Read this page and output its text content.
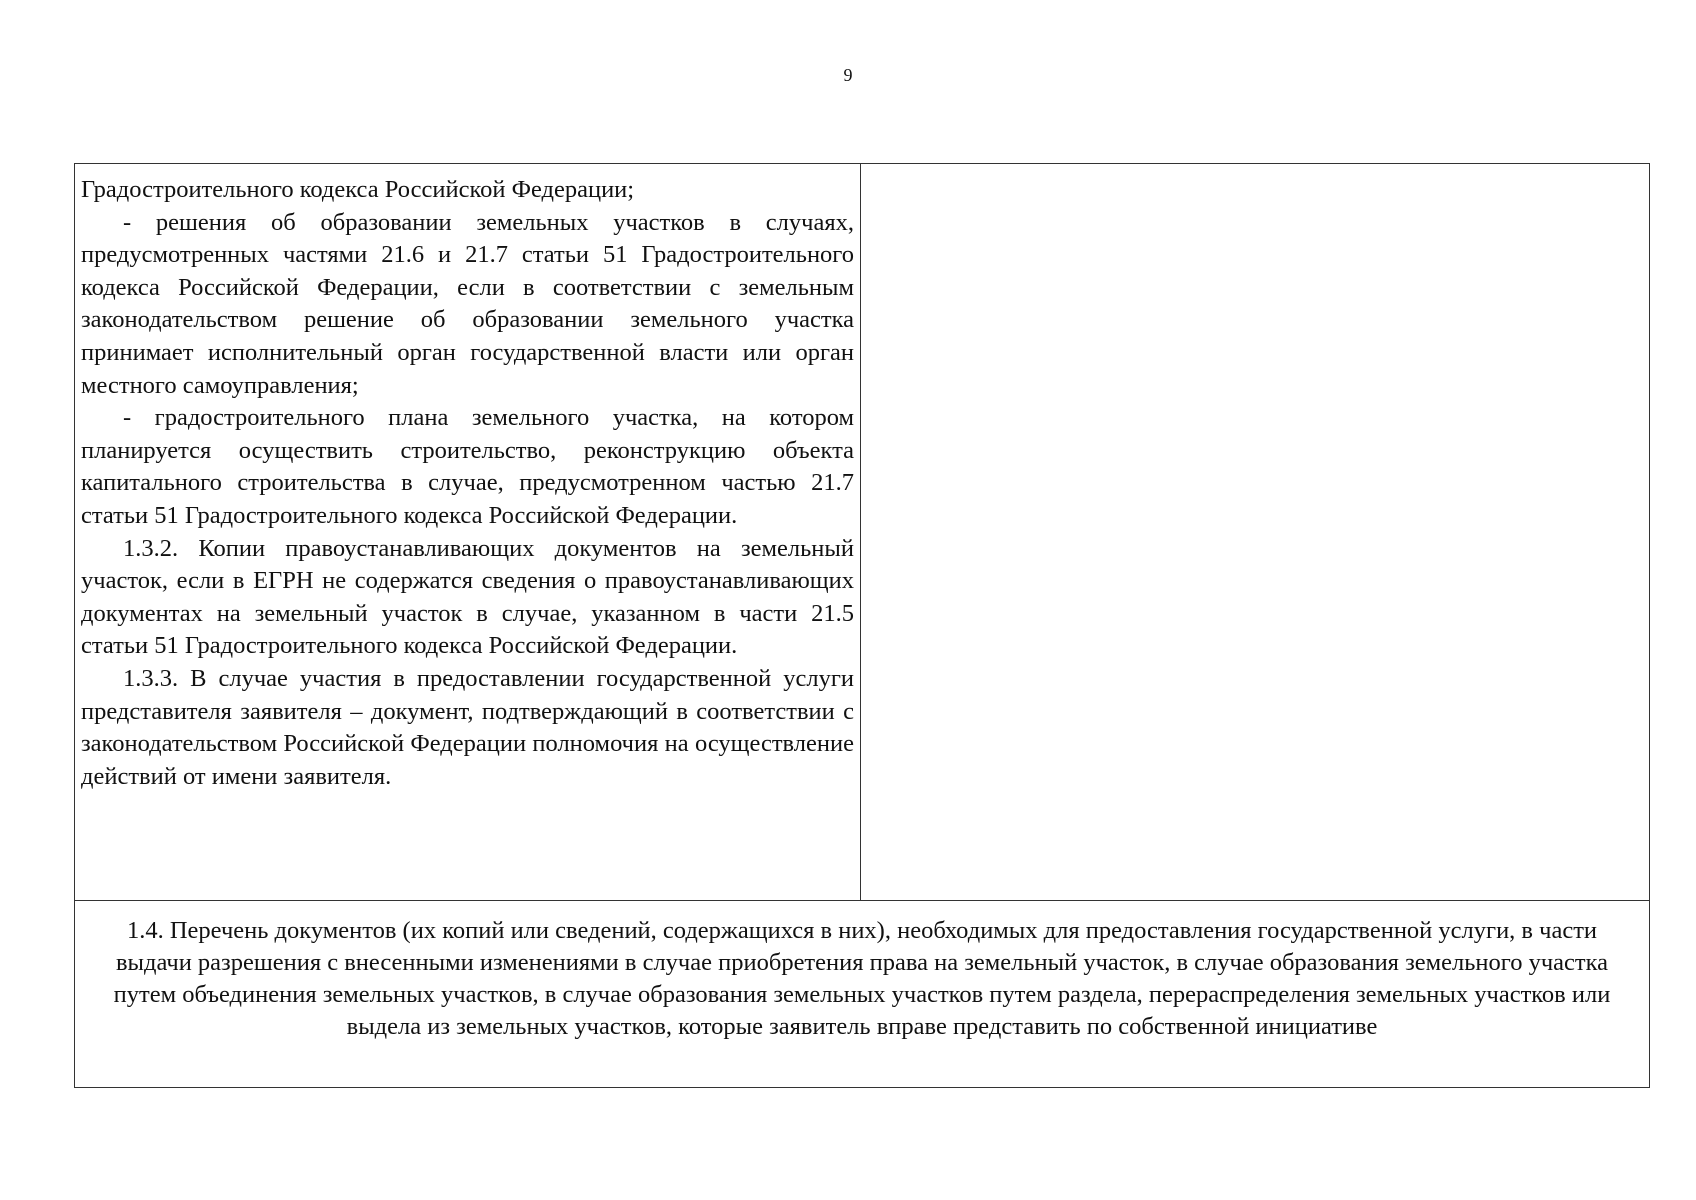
9

Градостроительного кодекса Российской Федерации;

- решения об образовании земельных участков в случаях, предусмотренных частями 21.6 и 21.7 статьи 51 Градостроительного кодекса Российской Федерации, если в соответствии с земельным законодательством решение об образовании земельного участка принимает исполнительный орган государственной власти или орган местного самоуправления;

- градостроительного плана земельного участка, на котором планируется осуществить строительство, реконструкцию объекта капитального строительства в случае, предусмотренном частью 21.7 статьи 51 Градостроительного кодекса Российской Федерации.

1.3.2. Копии правоустанавливающих документов на земельный участок, если в ЕГРН не содержатся сведения о правоустанавливающих документах на земельный участок в случае, указанном в части 21.5 статьи 51 Градостроительного кодекса Российской Федерации.

1.3.3. В случае участия в предоставлении государственной услуги представителя заявителя – документ, подтверждающий в соответствии с законодательством Российской Федерации полномочия на осуществление действий от имени заявителя.

1.4. Перечень документов (их копий или сведений, содержащихся в них), необходимых для предоставления государственной услуги, в части выдачи разрешения с внесенными изменениями в случае приобретения права на земельный участок, в случае образования земельного участка путем объединения земельных участков, в случае образования земельных участков путем раздела, перераспределения земельных участков или выдела из земельных участков, которые заявитель вправе представить по собственной инициативе
